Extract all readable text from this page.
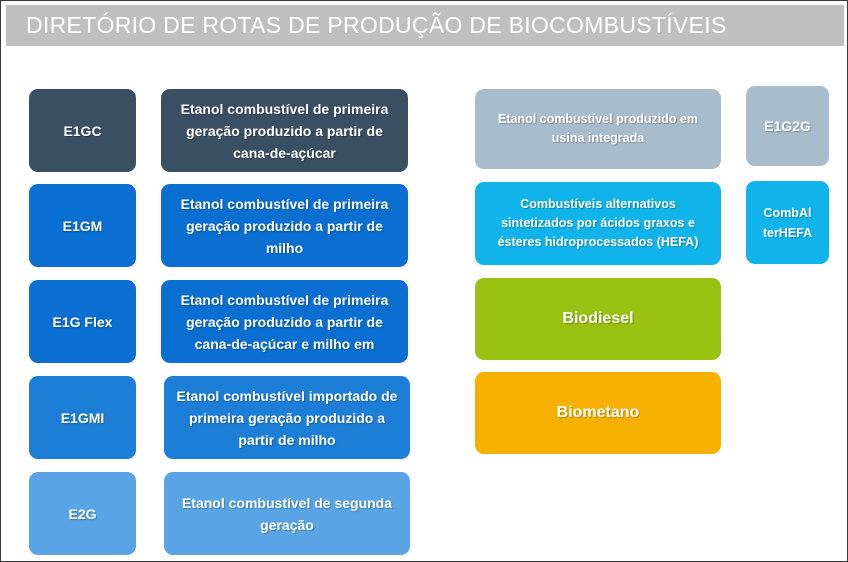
DIRETÓRIO DE ROTAS DE PRODUÇÃO DE BIOCOMBUSTÍVEIS
E1GC
E1GM
E1G Flex
E1GMI
E2G
Etanol combustível de primeira geração produzido a partir de cana-de-açúcar
Etanol combustível de primeira geração produzido a partir de milho
Etanol combustível de primeira geração produzido a partir de cana-de-açúcar e milho em
Etanol combustível importado de primeira geração produzido a partir de milho
Etanol combustível de segunda geração
Etanol combustível produzido em usina integrada
E1G2G
Combustíveis alternativos sintetizados por ácidos graxos e ésteres hidroprocessados (HEFA)
CombAl
terHEFA
Biodiesel
Biometano
